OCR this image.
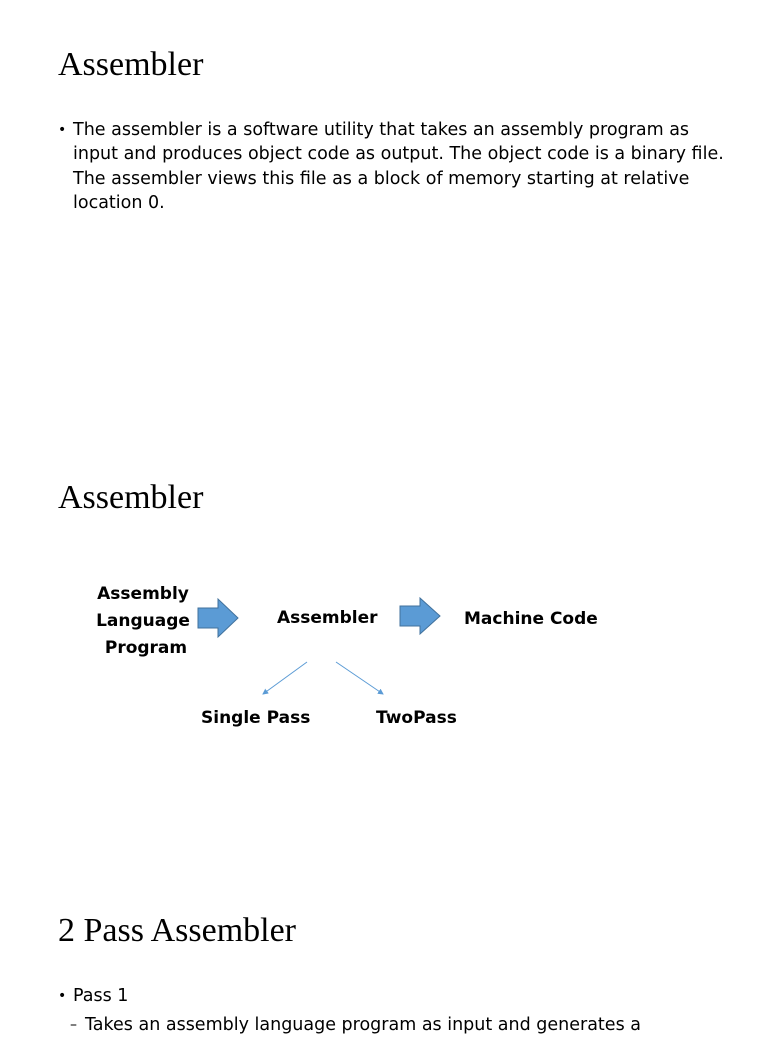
Assembler
• The assembler is a software utility that takes an assembly program as input and produces object code as output. The object code is a binary file. The assembler views this file as a block of memory starting at relative location 0.
Assembler
Assembly
Language
Program
Assembler	Machine Code
Single Pass	TwoPass
2 Pass Assembler
• Pass 1
– Takes an assembly language program as input and generates a
